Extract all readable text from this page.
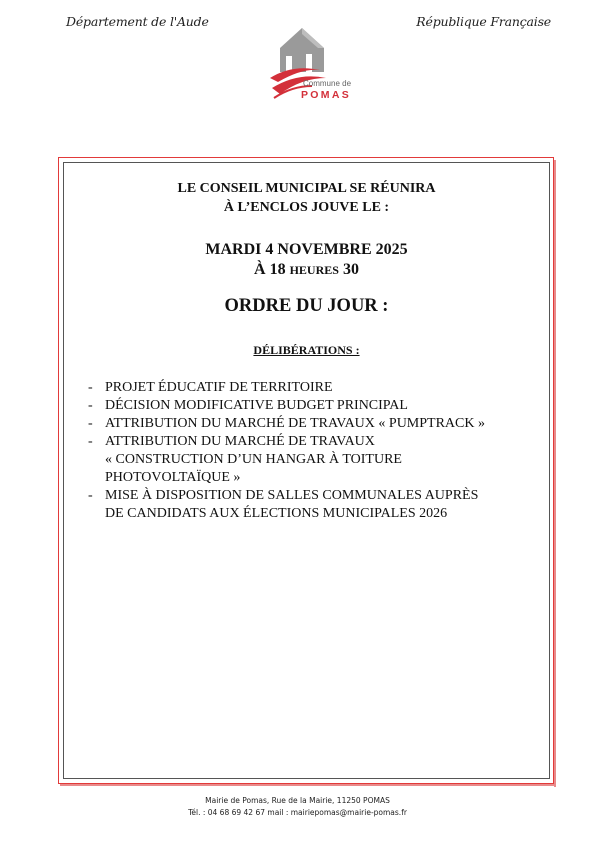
Département de l'Aude	République Française
Commune de
POMAS
LE CONSEIL MUNICIPAL SE RÉUNIRA
À L’ENCLOS JOUVE LE :
MARDI 4 NOVEMBRE 2025
À 18 HEURES 30
ORDRE DU JOUR :
DÉLIBÉRATIONS :
- PROJET ÉDUCATIF DE TERRITOIRE
- DÉCISION MODIFICATIVE BUDGET PRINCIPAL
- ATTRIBUTION DU MARCHÉ DE TRAVAUX « PUMPTRACK »
- ATTRIBUTION DU MARCHÉ DE TRAVAUX
« CONSTRUCTION D’UN HANGAR À TOITURE
PHOTOVOLTAÏQUE »
- MISE À DISPOSITION DE SALLES COMMUNALES AUPRÈS
DE CANDIDATS AUX ÉLECTIONS MUNICIPALES 2026
Mairie de Pomas, Rue de la Mairie, 11250 POMAS
Tél. : 04 68 69 42 67 mail : mairiepomas@mairie-pomas.fr
